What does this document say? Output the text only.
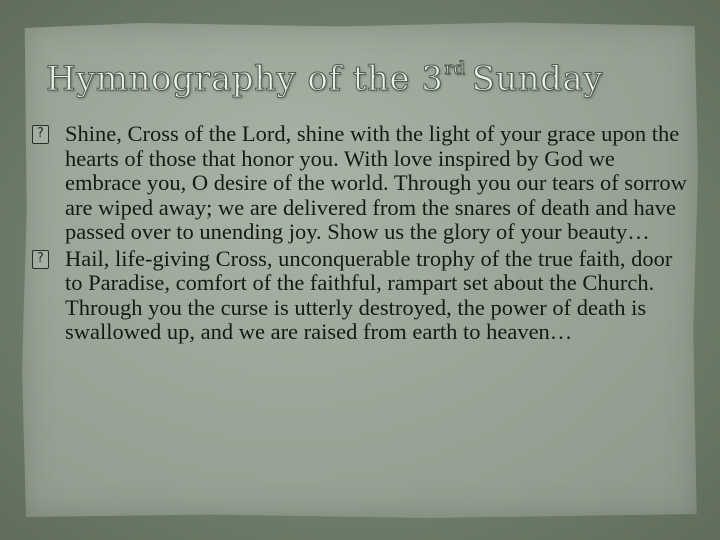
Hymnography of the 3rd Sunday

? Shine, Cross of the Lord, shine with the light of your grace upon the hearts of those that honor you. With love inspired by God we embrace you, O desire of the world. Through you our tears of sorrow are wiped away; we are delivered from the snares of death and have passed over to unending joy. Show us the glory of your beauty…

? Hail, life-giving Cross, unconquerable trophy of the true faith, door to Paradise, comfort of the faithful, rampart set about the Church. Through you the curse is utterly destroyed, the power of death is swallowed up, and we are raised from earth to heaven…
